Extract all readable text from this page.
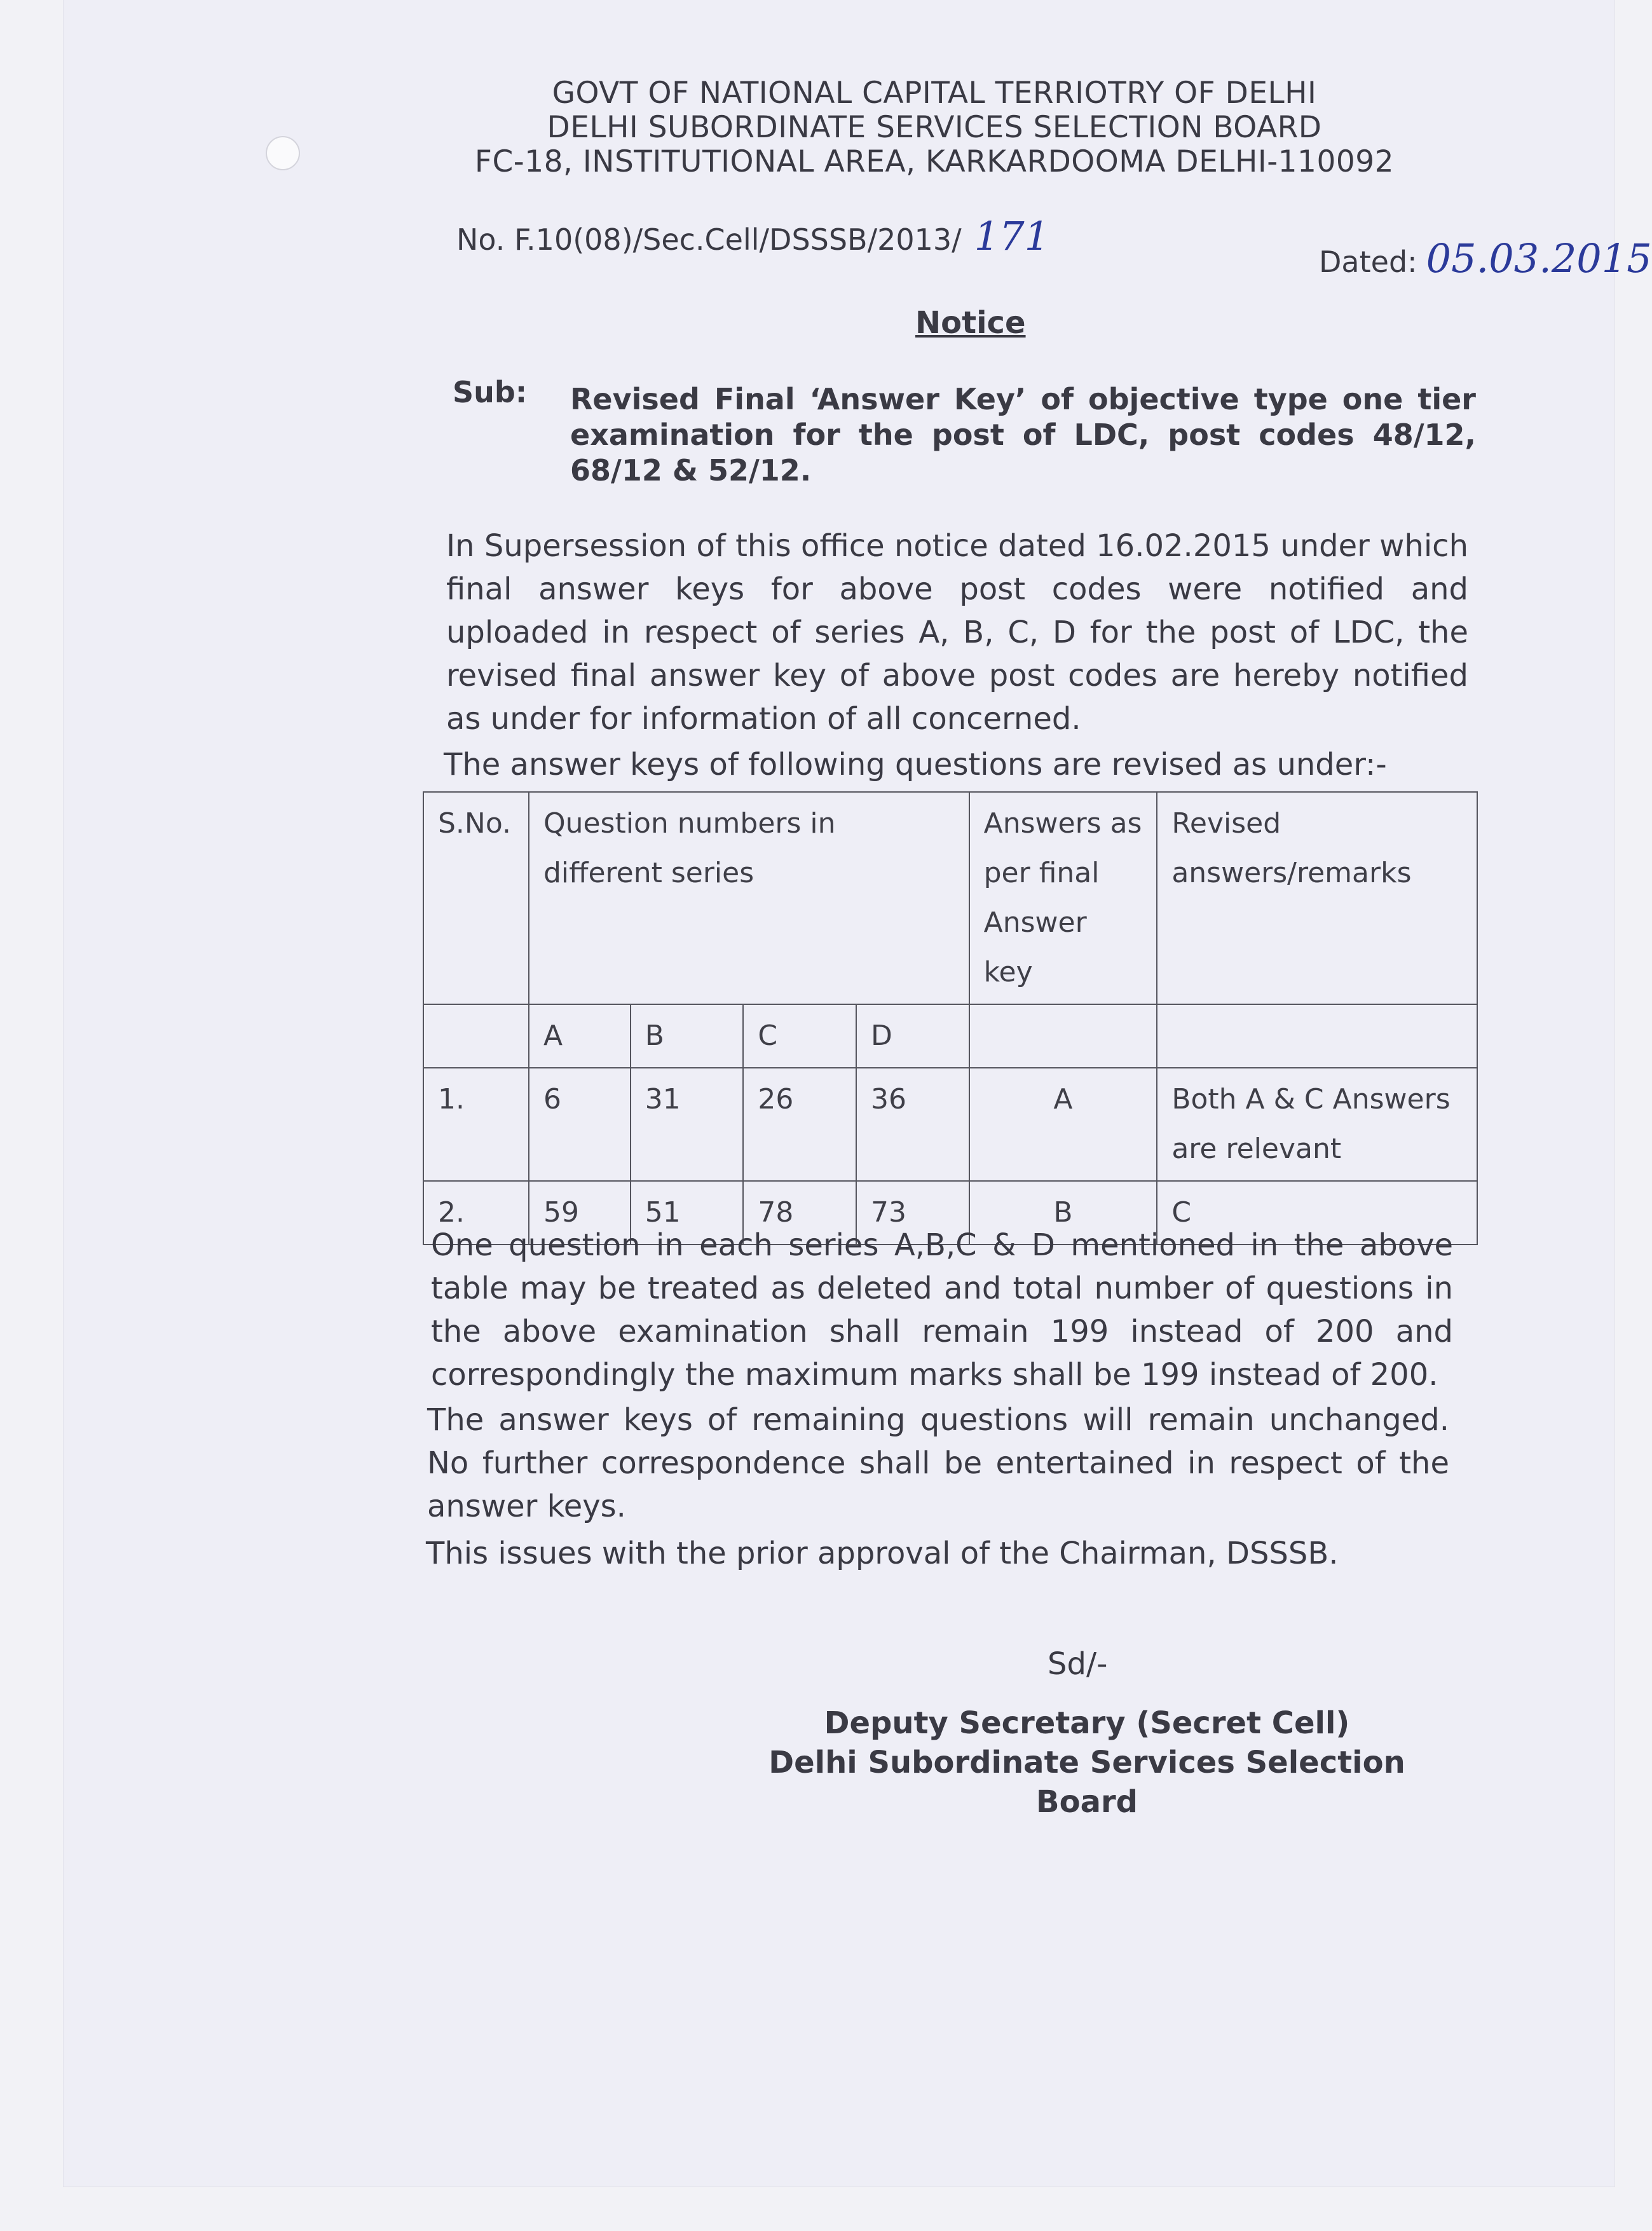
GOVT OF NATIONAL CAPITAL TERRIOTRY OF DELHI
DELHI SUBORDINATE SERVICES SELECTION BOARD
FC-18, INSTITUTIONAL AREA, KARKARDOOMA DELHI-110092
No. F.10(08)/Sec.Cell/DSSSB/2013/ 171
Dated: 05.03.2015
Notice
Sub: Revised Final ‘Answer Key’ of objective type one tier examination for the post of LDC, post codes 48/12, 68/12 & 52/12.
In Supersession of this office notice dated 16.02.2015 under which final answer keys for above post codes were notified and uploaded in respect of series A, B, C, D for the post of LDC, the revised final answer key of above post codes are hereby notified as under for information of all concerned.
The answer keys of following questions are revised as under:-
S.No.	Question numbers in different series				Answers as per final Answer key	Revised answers/remarks
	A	B	C	D		
1.	6	31	26	36	A	Both A & C Answers are relevant
2.	59	51	78	73	B	C
One question in each series A,B,C & D mentioned in the above table may be treated as deleted and total number of questions in the above examination shall remain 199 instead of 200 and correspondingly the maximum marks shall be 199 instead of 200.
The answer keys of remaining questions will remain unchanged. No further correspondence shall be entertained in respect of the answer keys.
This issues with the prior approval of the Chairman, DSSSB.
Sd/-
Deputy Secretary (Secret Cell)
Delhi Subordinate Services Selection Board
